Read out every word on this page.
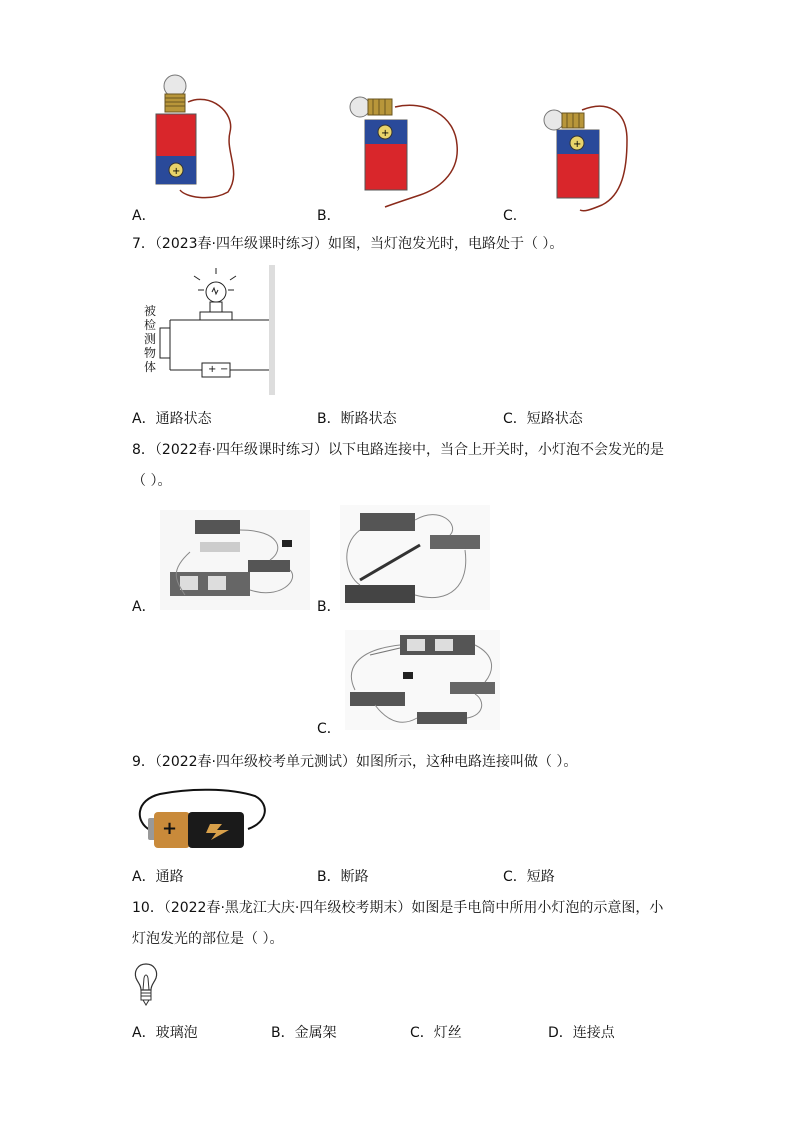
+
A．
+
B．
+
C．
7．（2023春·四年级课时练习）如图，当灯泡发光时，电路处于（ ）。
+ −
被
检
测
物
体
A．通路状态	B．断路状态	C．短路状态
8．（2022春·四年级课时练习）以下电路连接中，当合上开关时，小灯泡不会发光的是
（ ）。
A．	B．
C．
9．（2022春·四年级校考单元测试）如图所示，这种电路连接叫做（ ）。
+
A．通路	B．断路	C．短路
10．（2022春·黑龙江大庆·四年级校考期末）如图是手电筒中所用小灯泡的示意图，小
灯泡发光的部位是（ ）。
A．玻璃泡	B．金属架	C．灯丝	D．连接点
